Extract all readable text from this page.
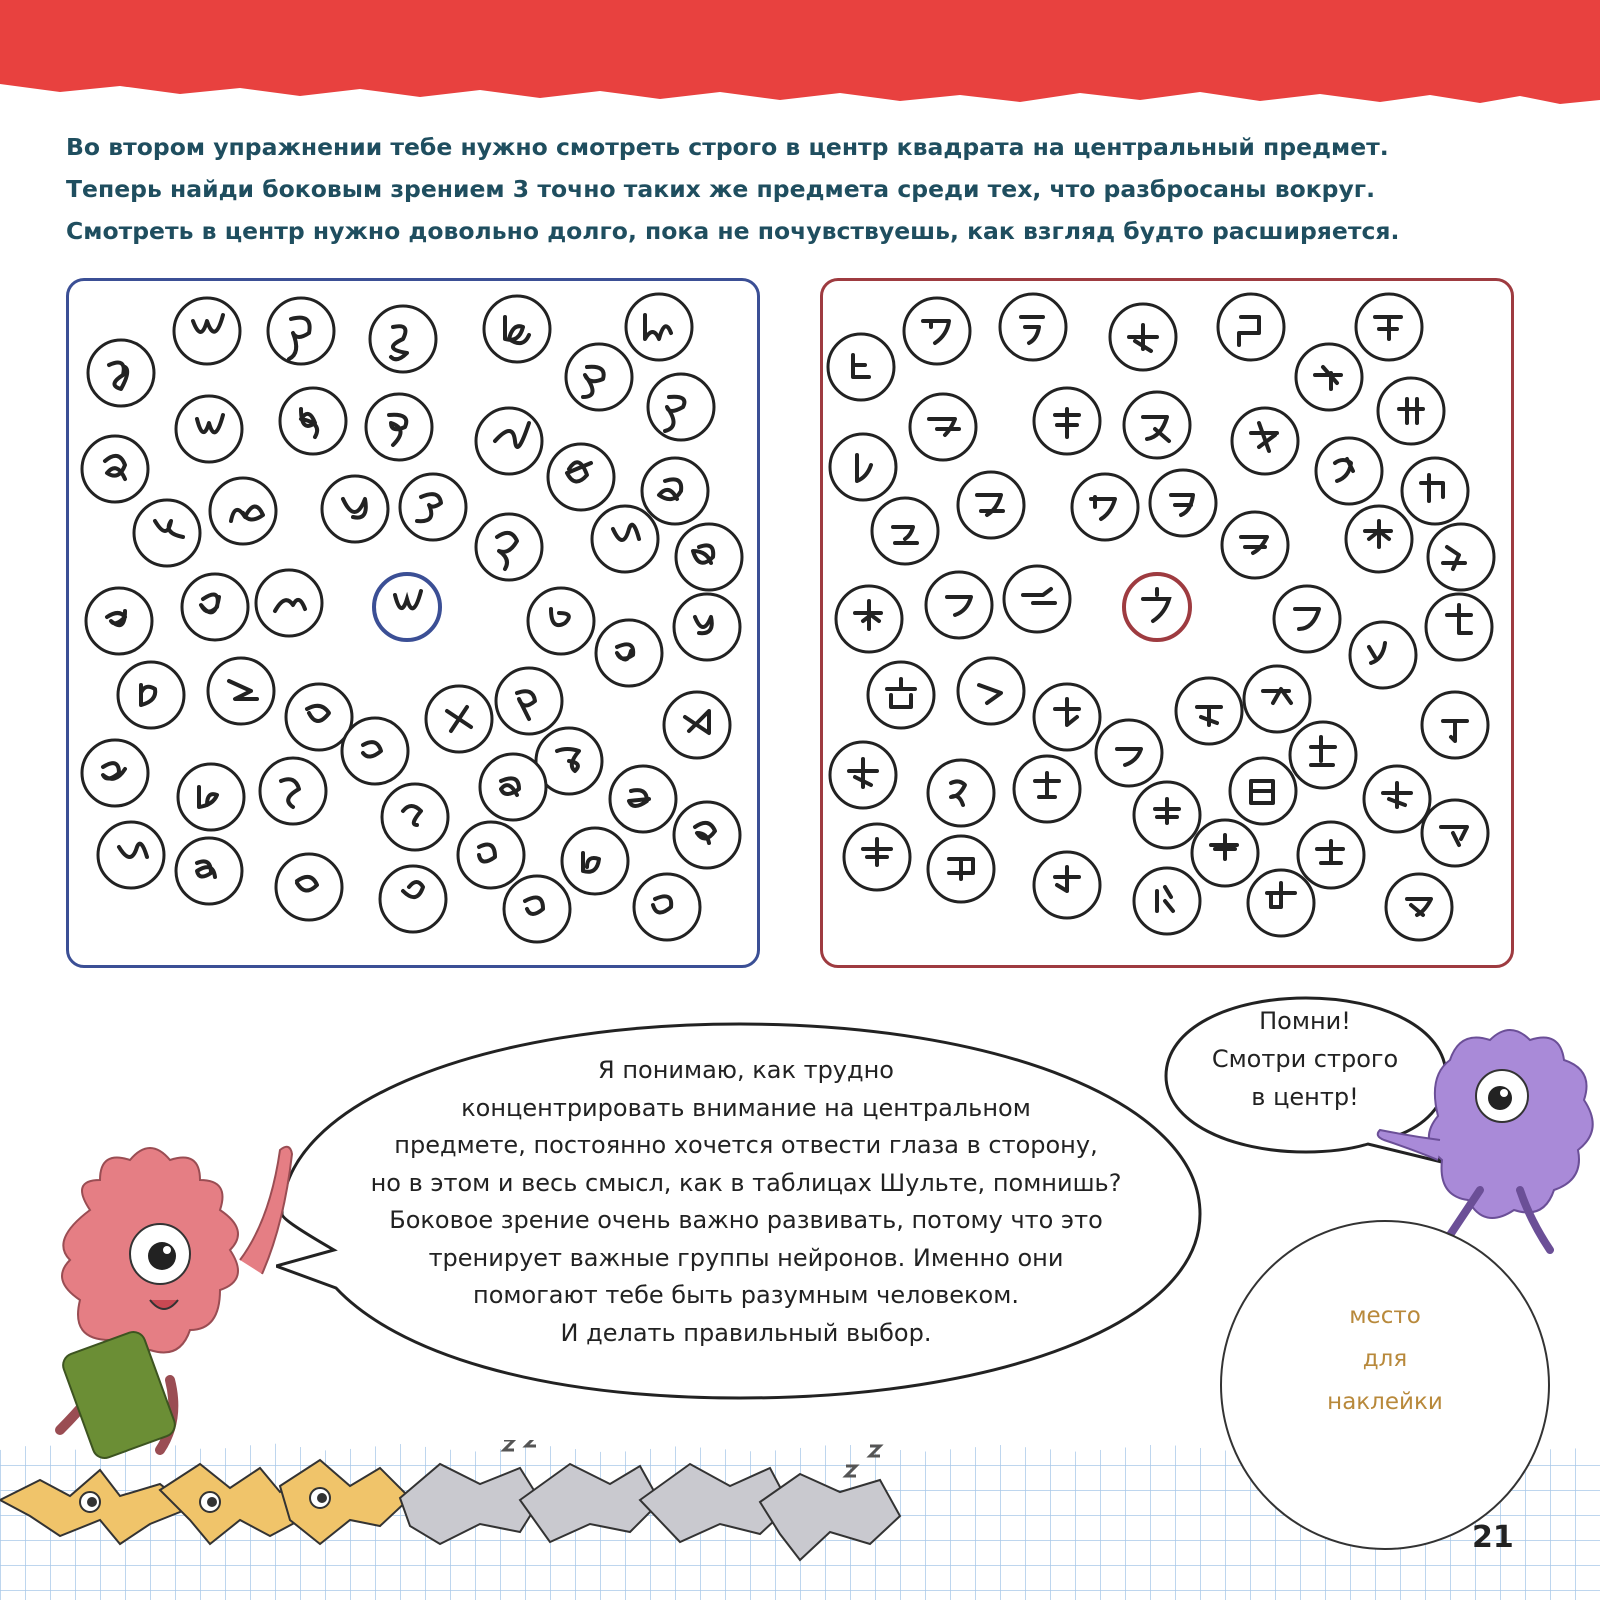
Во втором упражнении тебе нужно смотреть строго в центр квадрата на центральный предмет.

Теперь найди боковым зрением 3 точно таких же предмета среди тех, что разбросаны вокруг.

Смотреть в центр нужно довольно долго, пока не почувствуешь, как взгляд будто расширяется.

Я понимаю, как трудно

концентрировать внимание на центральном

предмете, постоянно хочется отвести глаза в сторону,

но в этом и весь смысл, как в таблицах Шульте, помнишь?

Боковое зрение очень важно развивать, потому что это

тренирует важные группы нейронов. Именно они

помогают тебе быть разумным человеком.

И делать правильный выбор.

Помни!

Смотри строго

в центр!

место

для

наклейки

21
